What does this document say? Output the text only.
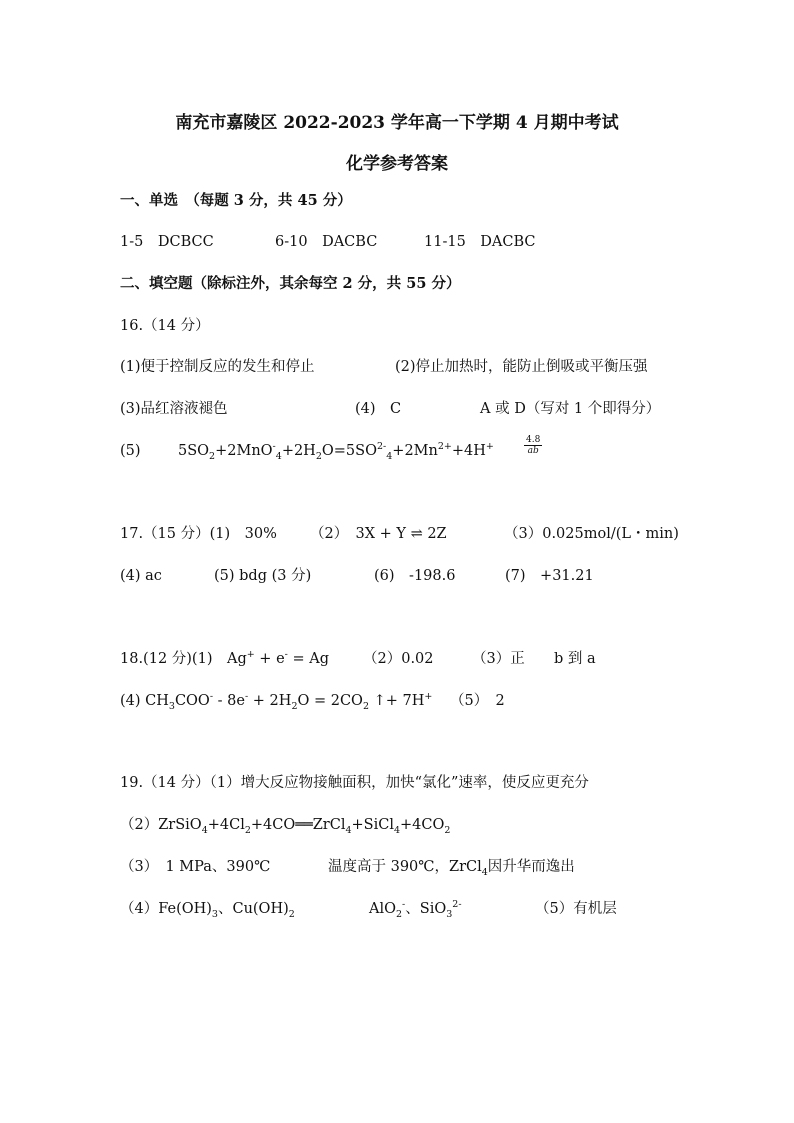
南充市嘉陵区 2022-2023 学年高一下学期 4 月期中考试
化学参考答案
一、单选　（每题 3 分，共 45 分）
1-5　DCBCC	6-10　DACBC	11-15　DACBC
二、填空题（除标注外，其余每空 2 分，共 55 分）
16.（14 分）
(1)便于控制反应的发生和停止	(2)停止加热时，能防止倒吸或平衡压强
(3)品红溶液褪色	(4)　C	A 或 D（写对 1 个即得分）
(5)	$5SO_2+2MnO^-_4+2H_2O=5SO^{2-}_4+2Mn^{2+}+4H^+$	$\frac{4.8}{ab}$
17.（15 分）(1)　30% （2）　3X + Y ⇌ 2Z	（3）0.025mol/(L・min)
(4) ac	(5) bdg (3 分)	(6)　-198.6	(7)　+31.21
18.(12 分)(1)　Ag+ + e- = Ag （2）0.02	（3）正 b 到 a
(4) $CH_3COO^- - 8e^- + 2H_2O = 2CO_2$ ↑+ 7H+ （5）　2
19.（14 分）（1）增大反应物接触面积，加快“氯化”速率，使反应更充分
$(2)ZrSiO_4+4Cl_2+4CO══ZrCl_4+SiCl_4+4CO_2$
（3）　1 MPa、390℃	温度高于 390℃，ZrCl$_4$因升华而逸出
$(4)Fe(OH)_3$、$Cu(OH)_2$	AlO$_2$-、SiO$_3^{2-}$	（5）有机层
